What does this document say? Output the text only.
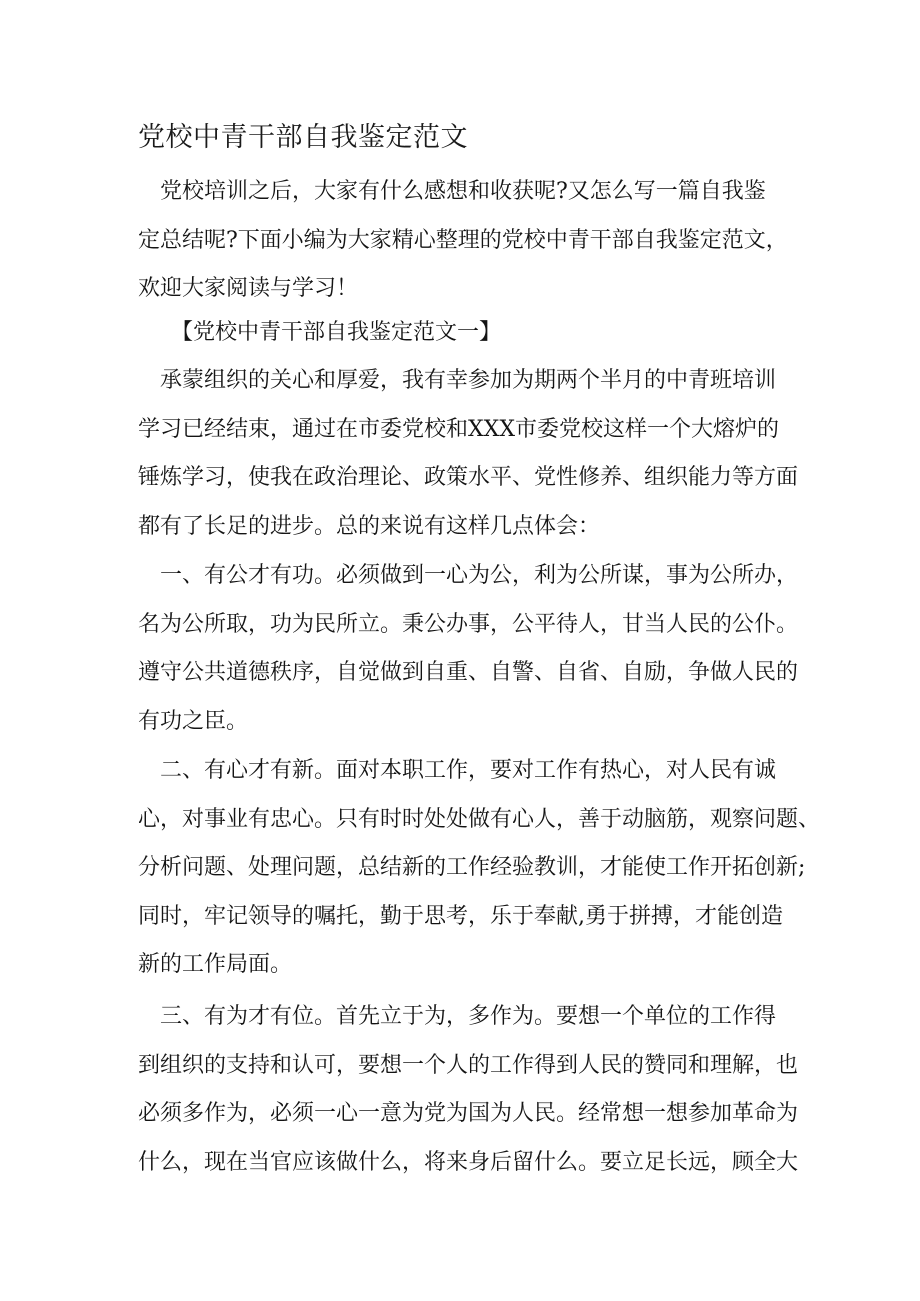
党校中青干部自我鉴定范文
　党校培训之后，大家有什么感想和收获呢?又怎么写一篇自我鉴
定总结呢?下面小编为大家精心整理的党校中青干部自我鉴定范文，
欢迎大家阅读与学习！
　　【党校中青干部自我鉴定范文一】
　承蒙组织的关心和厚爱，我有幸参加为期两个半月的中青班培训
学习已经结束，通过在市委党校和XXX市委党校这样一个大熔炉的
锤炼学习，使我在政治理论、政策水平、党性修养、组织能力等方面
都有了长足的进步。总的来说有这样几点体会：
　一、有公才有功。必须做到一心为公，利为公所谋，事为公所办，
名为公所取，功为民所立。秉公办事，公平待人，甘当人民的公仆。
遵守公共道德秩序，自觉做到自重、自警、自省、自励，争做人民的
有功之臣。
　二、有心才有新。面对本职工作，要对工作有热心，对人民有诚
心，对事业有忠心。只有时时处处做有心人，善于动脑筋，观察问题、
分析问题、处理问题，总结新的工作经验教训，才能使工作开拓创新;
同时，牢记领导的嘱托，勤于思考，乐于奉献,勇于拼搏，才能创造
新的工作局面。
　三、有为才有位。首先立于为，多作为。要想一个单位的工作得
到组织的支持和认可，要想一个人的工作得到人民的赞同和理解，也
必须多作为，必须一心一意为党为国为人民。经常想一想参加革命为
什么，现在当官应该做什么，将来身后留什么。要立足长远，顾全大
